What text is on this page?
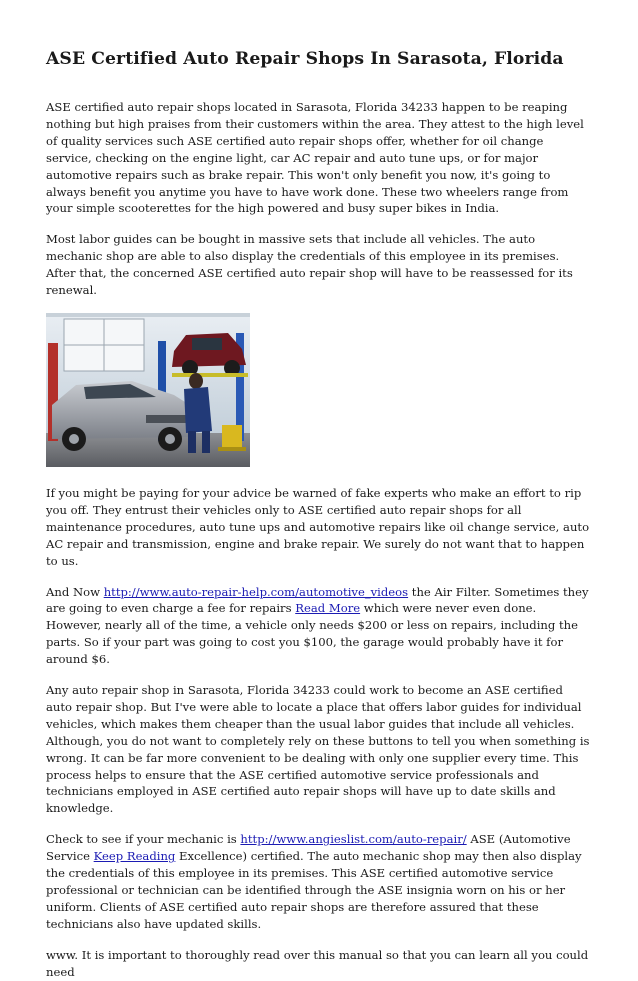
ASE Certified Auto Repair Shops In Sarasota, Florida

ASE certified auto repair shops located in Sarasota, Florida 34233 happen to be reaping nothing but high praises from their customers within the area. They attest to the high level of quality services such ASE certified auto repair shops offer, whether for oil change service, checking on the engine light, car AC repair and auto tune ups, or for major automotive repairs such as brake repair. This won't only benefit you now, it's going to always benefit you anytime you have to have work done. These two wheelers range from your simple scooterettes for the high powered and busy super bikes in India.

Most labor guides can be bought in massive sets that include all vehicles. The auto mechanic shop are able to also display the credentials of this employee in its premises. After that, the concerned ASE certified auto repair shop will have to be reassessed for its renewal.

If you might be paying for your advice be warned of fake experts who make an effort to rip you off. They entrust their vehicles only to ASE certified auto repair shops for all maintenance procedures, auto tune ups and automotive repairs like oil change service, auto AC repair and transmission, engine and brake repair. We surely do not want that to happen to us.

And Now http://www.auto-repair-help.com/automotive_videos the Air Filter. Sometimes they are going to even charge a fee for repairs Read More which were never even done. However, nearly all of the time, a vehicle only needs $200 or less on repairs, including the parts. So if your part was going to cost you $100, the garage would probably have it for around $6.

Any auto repair shop in Sarasota, Florida 34233 could work to become an ASE certified auto repair shop. But I've were able to locate a place that offers labor guides for individual vehicles, which makes them cheaper than the usual labor guides that include all vehicles. Although, you do not want to completely rely on these buttons to tell you when something is wrong. It can be far more convenient to be dealing with only one supplier every time. This process helps to ensure that the ASE certified automotive service professionals and technicians employed in ASE certified auto repair shops will have up to date skills and knowledge.

Check to see if your mechanic is http://www.angieslist.com/auto-repair/ ASE (Automotive Service Keep Reading Excellence) certified. The auto mechanic shop may then also display the credentials of this employee in its premises. This ASE certified automotive service professional or technician can be identified through the ASE insignia worn on his or her uniform. Clients of ASE certified auto repair shops are therefore assured that these technicians also have updated skills.

www. It is important to thoroughly read over this manual so that you can learn all you could need
